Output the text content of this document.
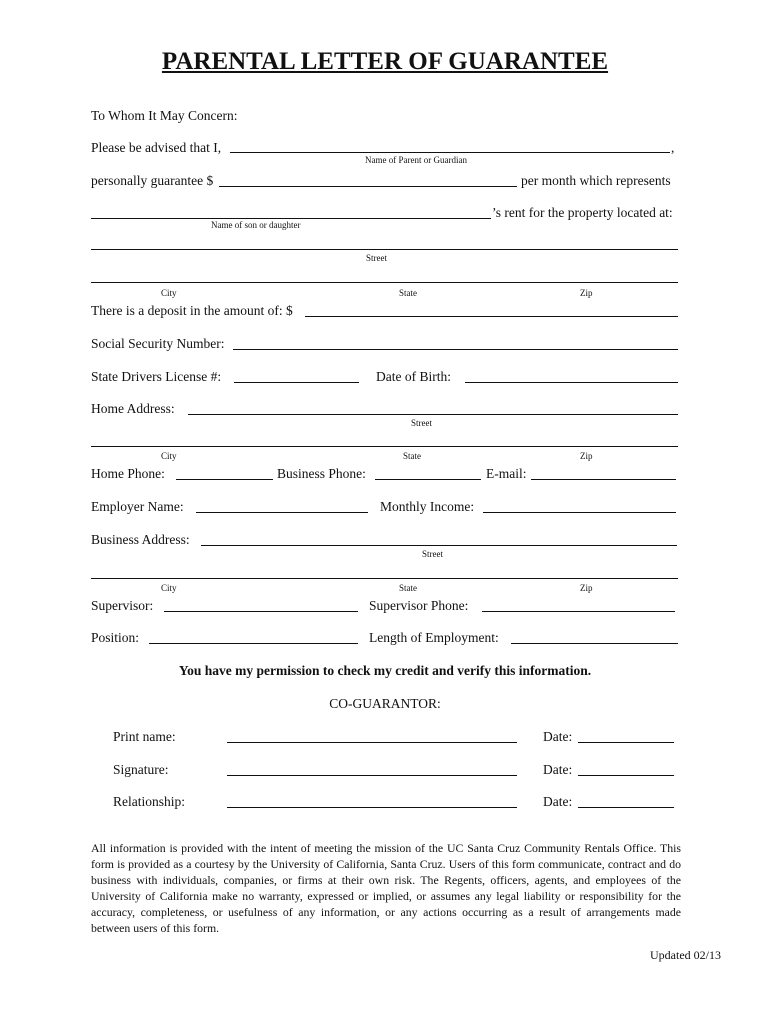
PARENTAL LETTER OF GUARANTEE
To Whom It May Concern:
Please be advised that I,	,
Name of Parent or Guardian
personally guarantee $	per month which represents
’s rent for the property located at:
Name of son or daughter
Street
City	State	Zip
There is a deposit in the amount of: $
Social Security Number:
State Drivers License #:	Date of Birth:
Home Address:
Street
City	State	Zip
Home Phone:	Business Phone:	E-mail:
Employer Name:	Monthly Income:
Business Address:
Street
City	State	Zip
Supervisor:	Supervisor Phone:
Position:	Length of Employment:
You have my permission to check my credit and verify this information.
CO-GUARANTOR:
Print name:	Date:
Signature:	Date:
Relationship:	Date:
All information is provided with the intent of meeting the mission of the UC Santa Cruz Community Rentals Office. This form is provided as a courtesy by the University of California, Santa Cruz. Users of this form communicate, contract and do business with individuals, companies, or firms at their own risk. The Regents, officers, agents, and employees of the University of California make no warranty, expressed or implied, or assumes any legal liability or responsibility for the accuracy, completeness, or usefulness of any information, or any actions occurring as a result of arrangements made between users of this form.
Updated 02/13
